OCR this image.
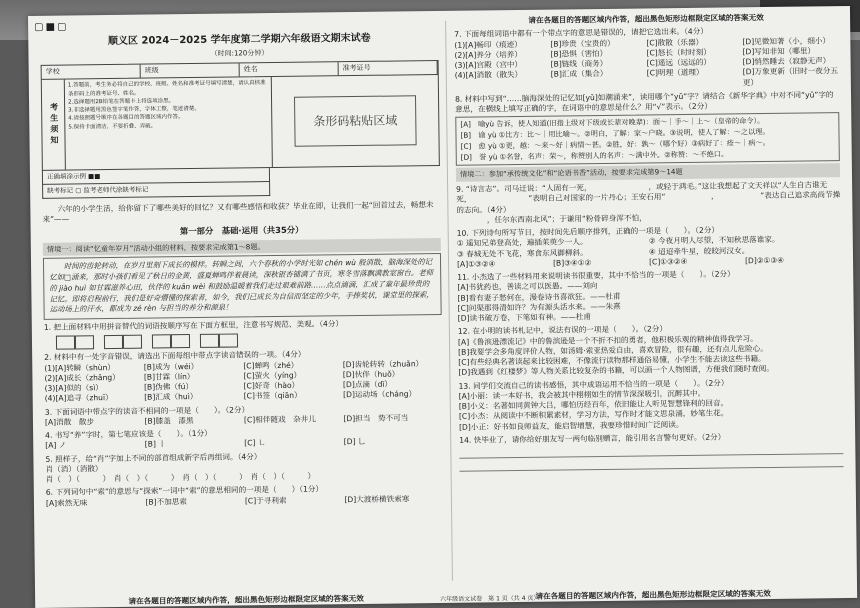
▢■▢
顺义区 2024－2025 学年度第二学期六年级语文期末试卷
（时间:120分钟）
学校	班级	姓名	准考证号
考生须知
1.答题前，考生务必将自己的学校、班级、姓名和准考证号填写清楚，请认真核准条形码上的准考证号、姓名。
2.选择题用2B铅笔在答题卡上将选项涂黑。
3.非选择题用黑色签字笔作答，字体工整，笔迹清楚。
4.请按照题号顺序在各题目的答题区域内作答。
5.保持卡面清洁，不要折叠、弄破。	条形码粘贴区域
正确填涂示例 ■■
缺考标记 ▢ 监考老师代涂缺考标记
六年的小学生活，给你留下了哪些美好的回忆？又有哪些感悟和收获？毕业在即，让我们一起“回首过去，畅想未来”——
第一部分　基础·运用（共35分）
情境一：阅读“忆童年岁月”活动小组的材料，按要求完成第1～8题。
时间的齿轮转动，在岁月里刻下成长的模样。转瞬之间，六个春秋的小学时光如 chén wù 般消散，脑海深处的记忆如□涌来，那时小孩们看见了秋日的金黄，盛夏蝉鸣伴着晨读，深秋银杏铺满了书页，寒冬雪落飘满教室窗台。老师的 jiào huì 如甘霖滋养心田，伙伴的 kuān wèi 和鼓励温暖着我们走过艰难前路……点点滴滴，汇成了童年最珍贵的记忆。即将启程前行，我们是好奇懵懂的探索者，如今，我们已成长为自信而坚定的少年，手捧奖状，课堂里的探索，运动场上的汗水，都成为 zé rèn 与担当的养分和源泉！
1. 把上面材料中用拼音替代的词语按顺序写在下面方框里，注意书写规范、美观。（4分）
2. 材料中有一处字音错误，请选出下面每组中带点字读音错误的一项。（4分）
(1)[A]转瞬（shùn）	[B]成为（wéi）	[C]蝉鸣（zhé）	[D]齿轮转转（zhuǎn）
(2)[A]成长（zhǎng）	[B]甘霖（lín）	[C]萤火（yíng）	[D]伙伴（huǒ）
(3)[A]似的（sì）	[B]伪佛（fú）	[C]好奇（hào）	[D]点滴（dī）
(4)[A]追寻（zhuī）	[B]汇成（huì）	[C]书签（qiān）	[D]运动场（cháng）
3. 下面词语中带点字的读音不相同的一项是（　　）。（2分）
[A]消散　散步	[B]膝盖　漆黑	[C]相伴随戏　杂井儿	[D]担当　势不可当
4. 书写“养”字时，第七笔应该是（　　）。（1分）
[A] ノ	[B] 丨	[C] ㇗	[D] 乚
5. 照样子，给“肖”字加上不同的部首组成新字后再组词。（4分）
肖（消）（消散）
肖（　）（　　　）　肖（　）（　　　）　肖（　）（　　　）　肖（　）（　　　）
6. 下列词句中“索”的意思与“探索”一词中“索”的意思相同的一项是（　　）（1分）
[A]索然无味	[B]不加思索	[C]于寻利索	[D]大渡桥横铁索寒
请在各题目的答题区域内作答，超出黑色矩形边框限定区域的答案无效
7. 下面每组词语中都有一个带点字的意思是错误的，请把它选出来。（4分）
(1)[A]畅印（痕迹）	[B]珍贵（宝贵的）	[C]散散（乐器）	[D]见微知著（小，细小）
(2)[A]养分（培养）	[B]恐惧（害怕）	[C]怒长（时时刻）	[D]写知非知（哪里）
(3)[A]宫殿（宫中）	[B]链线（商务）	[C]遥远（远远的）	[D]悄然睡去（寂静无声）
(4)[A]消散（散失）	[B]汇成（集合）	[C]明理（道理）	[D]万象更新（旧时一夜分五更）
8. 材料中写到“……脑海深处的记忆如[yǔ]如潮涌来”，读用哪个“yǔ”字？请结合《新华字典》中对不同“yǔ”字的意思，在横线上填写正确的字，在词语中的意思是什么？用“√”表示。（2分）
[A]　喻yù 告诉，使人知道(旧指上级对下级或长辈对晚辈)：面～｜手～｜上～（皇帝的命令）。
[B]　谕 yù ①比方：比～｜用比喻～。②明白，了解：家～户晓。③说明，使人了解：～之以理。
[C]　愈 yù ①更，越：～来～好｜病情～甚。②胜，好：孰～（哪个好）③病好了：痊～｜病～。
[D]　誉 yù ①名誉，名声：荣～，称赞别人的名声：～满中外。②称赞：～不绝口。
情境二：参加“承传统文化”和“论语书香”活动，按要求完成第9～14题
9. “诗言志”。司马迁说：“人固有一死，　　　　　　　　，或轻于鸿毛。”这让我想起了文天祥以“人生自古谁无死，　　　　　　　　”表明自己对国家的一片丹心；王安石用“　　　　　　，　　　　　　”表达自己追求高尚节操的志向。（4分）
　　　　，任尔东西南北风”；于谦用“粉骨碎身浑不怕，
10. 下列诗句所写节日，按时间先后顺序排列，正确的一项是（　　）。（2分）
① 遥知兄弟登高处，遍插茱萸少一人。	② 今夜月明人尽望，不知秋思落谁家。
③ 春城无处不飞花，寒食东风御柳斜。	④ 迢迢牵牛星，皎皎河汉女。
[A]①③②④	[B]③④①②	[C]①③②④	[D]②①③④
11. 小杰选了一些材料用来说明读书很重要，其中不恰当的一项是（　　）。（2分）
[A]书犹药也，善读之可以医愚。——刘向
[B]看有妻子愁何在，漫卷诗书喜欲狂。——杜甫
[C]问渠那得清如许？为有源头活水来。——朱熹
[D]读书破万卷，下笔如有神。——杜甫
12. 在小明的读书札记中，说法有误的一项是（　　）。（2分）
[A]《鲁滨逊漂流记》中的鲁滨逊是一个不折不扣的勇者，他积极乐观的精神值得我学习。
[B]我要学会多角度评价人物，如汤姆·索亚热爱自由，喜欢冒险，很有趣，还有点儿危险心。
[C]有些经典名著读起来比较困难，不像流行读物那样通俗易懂，小学生不能去读这些书籍。
[D]我遇到《红楼梦》等人物关系比较复杂的书籍，可以画一个人物图谱，方便我们随时查阅。
13. 同学们交流自己的读书感悟，其中成语运用不恰当的一项是（　　）。（2分）
[A]小丽：读一本好书，我会被其中栩栩如生的情节深深吸引，沉醉其中。
[B]小义：名著如同黄钟大吕，哪怕历经百年，依旧能让人听见智慧锋利的回音。
[C]小杰：从阅读中不断积累素材，学习方法，写作时才能文思泉涌，妙笔生花。
[D]小正：好书如良师益友，能启智增慧，我要珍惜时间广泛阅读。
14. 快毕业了，请你给好朋友写一两句临别赠言，能引用名言警句更好。（2分）
请在各题目的答题区域内作答，超出黑色矩形边框限定区域的答案无效	六年级语文试卷　第 1 页（共 4 页）
请在各题目的答题区域内作答，超出黑色矩形边框限定区域的答案无效
